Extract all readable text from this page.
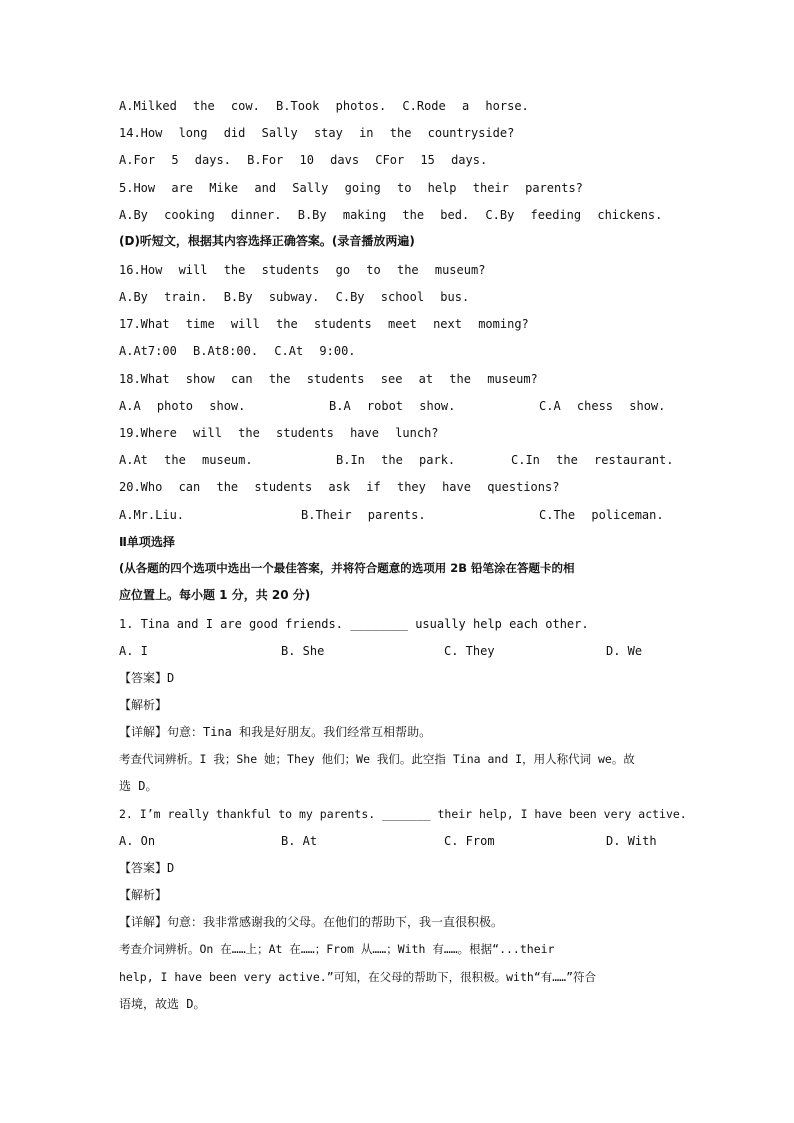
A.Milked the cow. B.Took photos. C.Rode a horse.
14.How long did Sally stay in the countryside?
A.For 5 days. B.For 10 davs CFor 15 days.
5.How are Mike and Sally going to help their parents?
A.By cooking dinner. B.By making the bed. C.By feeding chickens.
(D)听短文，根据其内容选择正确答案。(录音播放两遍)
16.How will the students go to the museum?
A.By train. B.By subway. C.By school bus.
17.What time will the students meet next moming?
A.At7:00 B.At8:00. C.At 9:00.
18.What show can the students see at the museum?
A.A photo show.	B.A robot show.	C.A chess show.
19.Where will the students have lunch?
A.At the museum.	B.In the park.	C.In the restaurant.
20.Who can the students ask if they have questions?
A.Mr.Liu.	B.Their parents.	C.The policeman.
Ⅱ单项选择
(从各题的四个选项中选出一个最佳答案，并将符合题意的选项用 2B 铅笔涂在答题卡的相
应位置上。每小题 1 分，共 20 分)
1. Tina and I are good friends. ________ usually help each other.
A. I	B. She	C. They	D. We
【答案】D
【解析】
【详解】句意：Tina 和我是好朋友。我们经常互相帮助。
考查代词辨析。I 我；She 她；They 他们；We 我们。此空指 Tina and I，用人称代词 we。故
选 D。
2. I’m really thankful to my parents. _______ their help, I have been very active.
A. On	B. At	C. From	D. With
【答案】D
【解析】
【详解】句意：我非常感谢我的父母。在他们的帮助下，我一直很积极。
考查介词辨析。On 在……上；At 在……；From 从……；With 有……。根据“...their
help, I have been very active.”可知，在父母的帮助下，很积极。with“有……”符合
语境，故选 D。
